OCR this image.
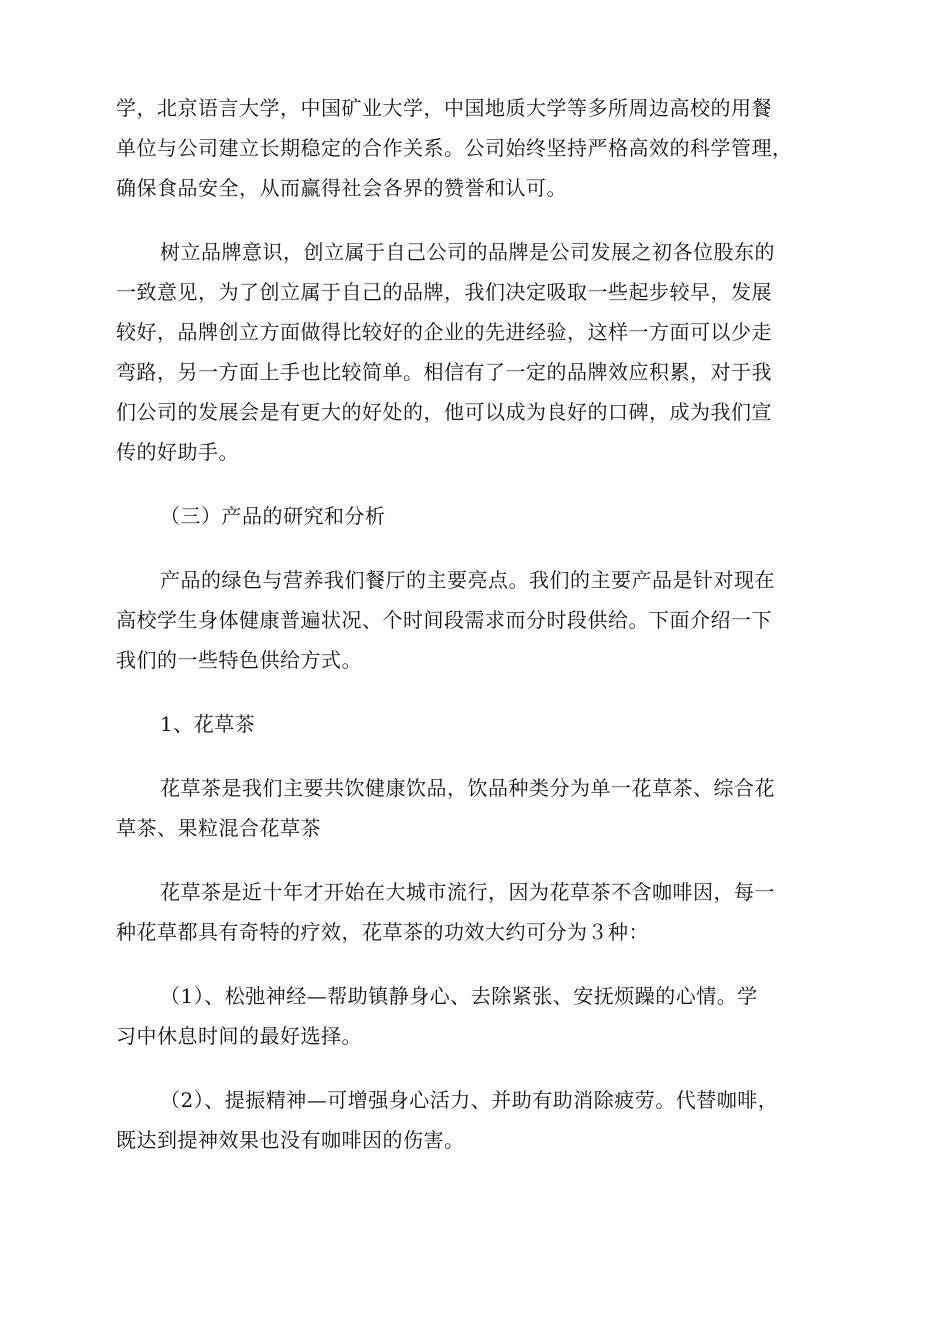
学，北京语言大学，中国矿业大学，中国地质大学等多所周边高校的用餐
单位与公司建立长期稳定的合作关系。公司始终坚持严格高效的科学管理，
确保食品安全，从而赢得社会各界的赞誉和认可。

树立品牌意识，创立属于自己公司的品牌是公司发展之初各位股东的
一致意见，为了创立属于自己的品牌，我们决定吸取一些起步较早，发展
较好，品牌创立方面做得比较好的企业的先进经验，这样一方面可以少走
弯路，另一方面上手也比较简单。相信有了一定的品牌效应积累，对于我
们公司的发展会是有更大的好处的，他可以成为良好的口碑，成为我们宣
传的好助手。

（三）产品的研究和分析

产品的绿色与营养我们餐厅的主要亮点。我们的主要产品是针对现在
高校学生身体健康普遍状况、个时间段需求而分时段供给。下面介绍一下
我们的一些特色供给方式。

1、花草茶

花草茶是我们主要共饮健康饮品，饮品种类分为单一花草茶、综合花
草茶、果粒混合花草茶

花草茶是近十年才开始在大城市流行，因为花草茶不含咖啡因，每一
种花草都具有奇特的疗效，花草茶的功效大约可分为３种：

（1）、松弛神经—帮助镇静身心、去除紧张、安抚烦躁的心情。学
习中休息时间的最好选择。

（2）、提振精神—可增强身心活力、并助有助消除疲劳。代替咖啡，
既达到提神效果也没有咖啡因的伤害。
